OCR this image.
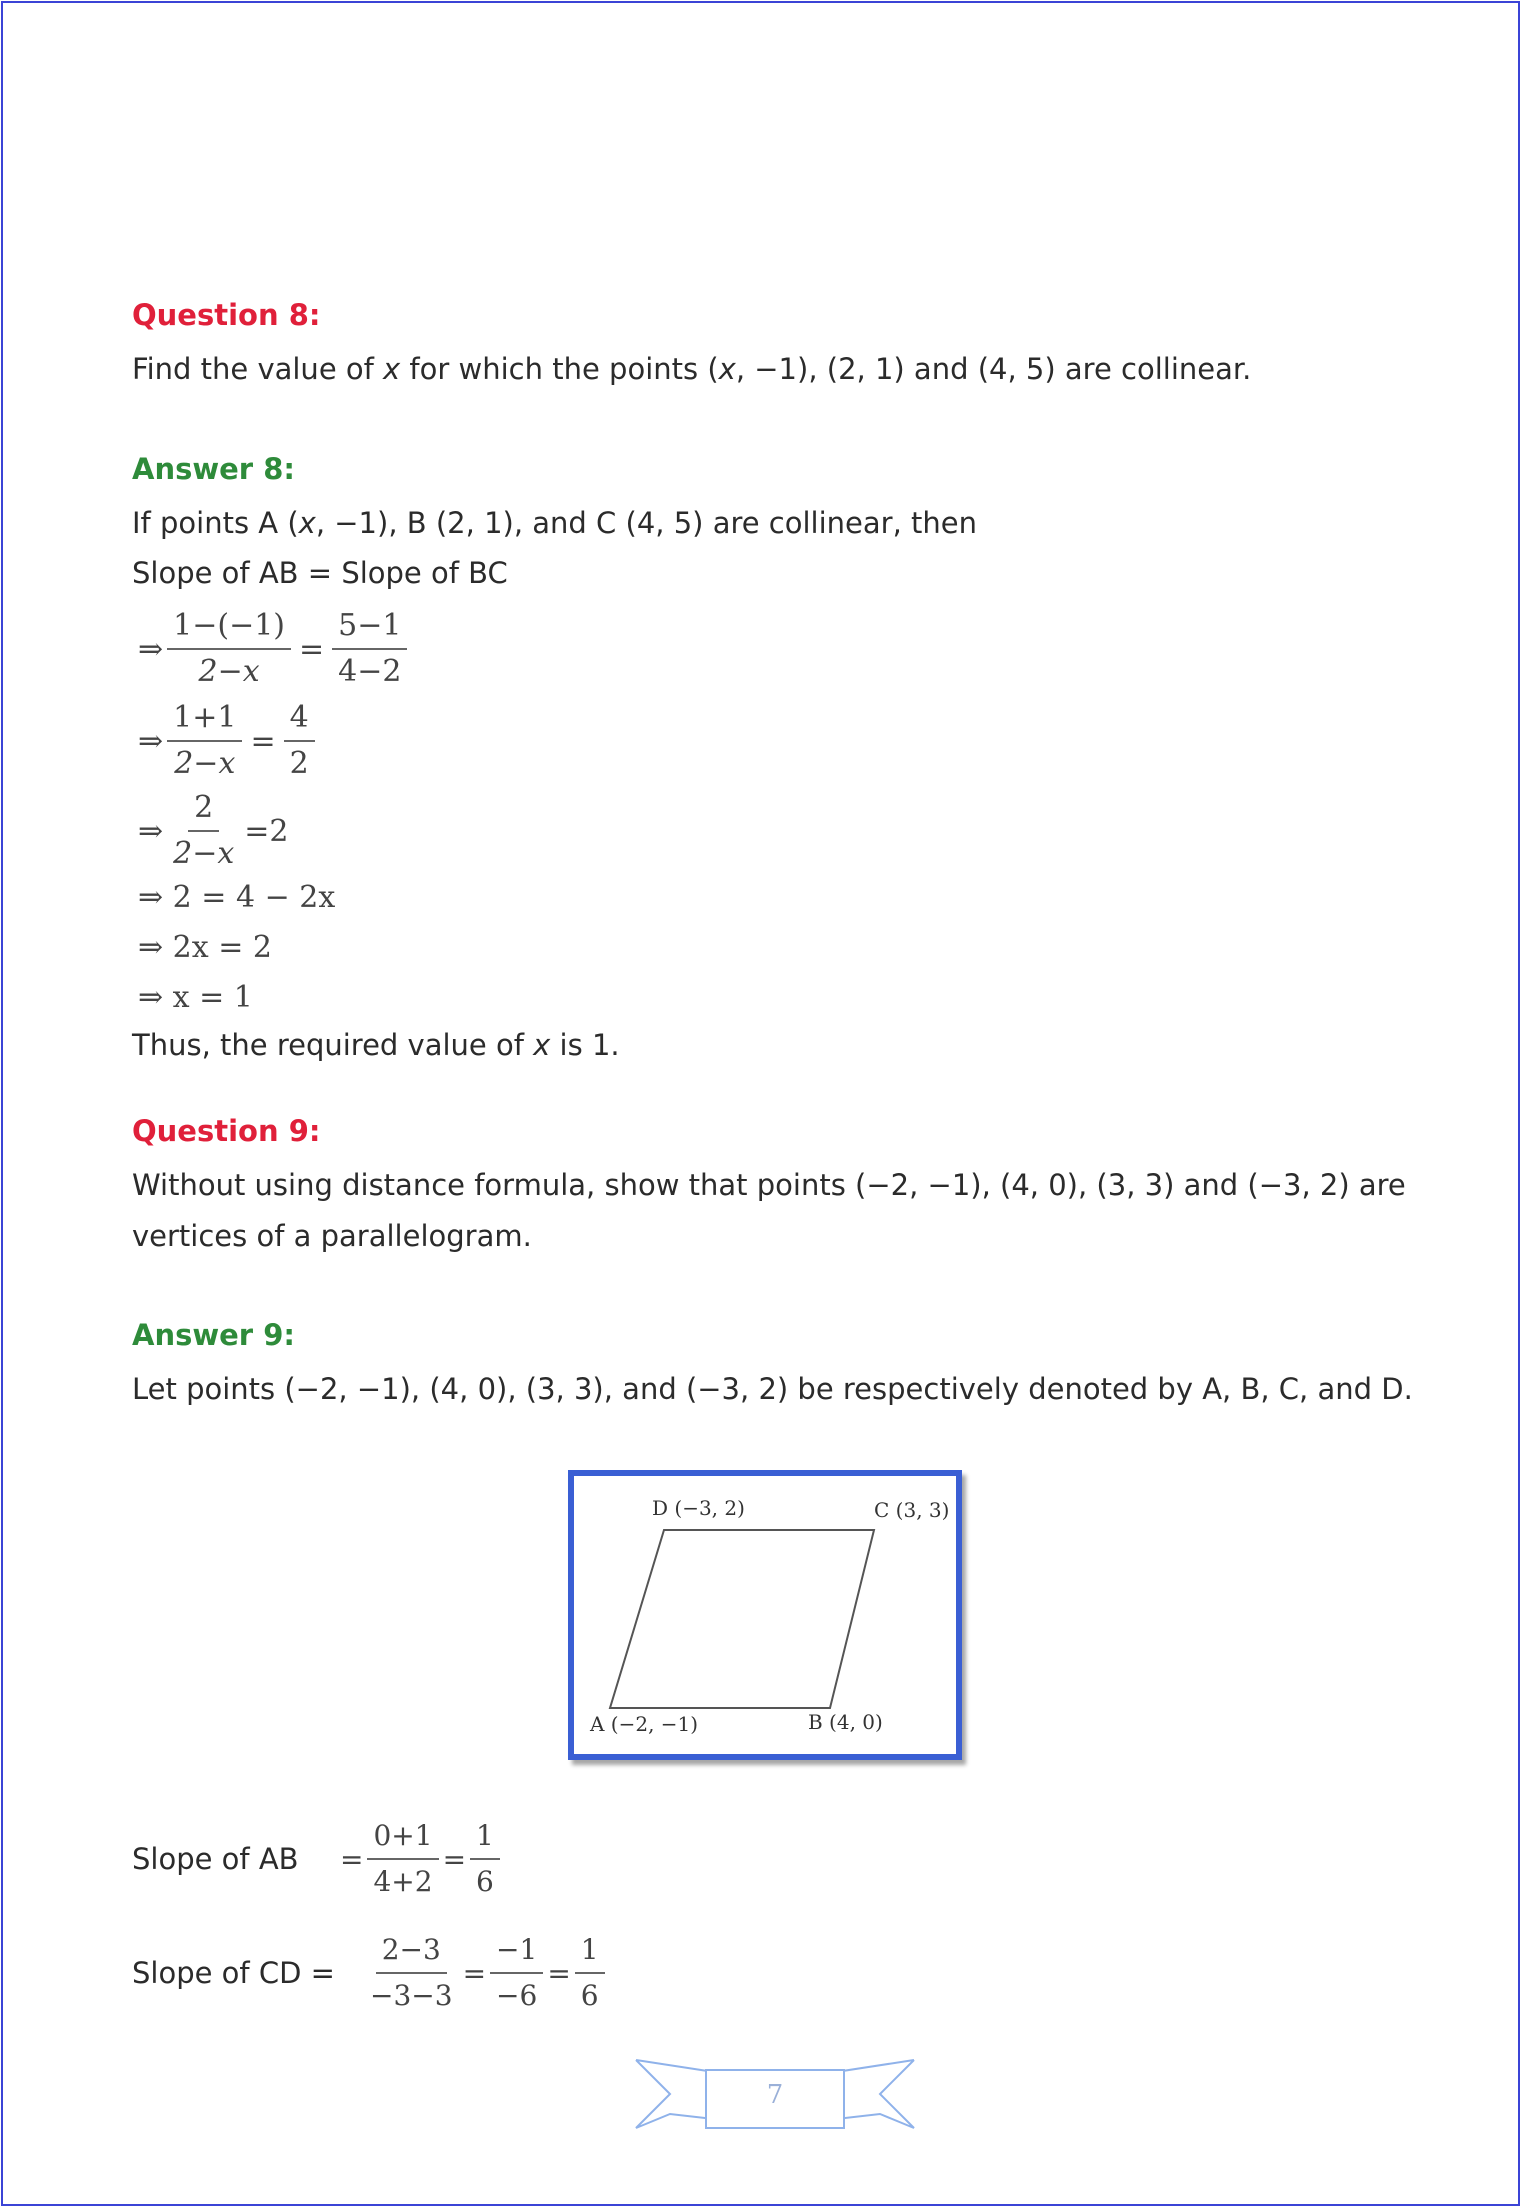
Question 8:
Find the value of x for which the points (x, −1), (2, 1) and (4, 5) are collinear.
Answer 8:
If points A (x, −1), B (2, 1), and C (4, 5) are collinear, then
Slope of AB = Slope of BC
⇒ $\frac{1-(-1)}{2-x} = \frac{5-1}{4-2}$
⇒ $\frac{1+1}{2-x} = \frac{4}{2}$
⇒ $\frac{2}{2-x} =2$
⇒ 2 = 4 − 2x
⇒ 2x = 2
⇒ x = 1
Thus, the required value of x is 1.
Question 9:
Without using distance formula, show that points (−2, −1), (4, 0), (3, 3) and (−3, 2) are
vertices of a parallelogram.
Answer 9:
Let points (−2, −1), (4, 0), (3, 3), and (−3, 2) be respectively denoted by A, B, C, and D.
D (−3, 2)	C (3, 3)
A (−2, −1)	B (4, 0)
Slope of AB	= $\frac{0+1}{4+2} = \frac{1}{6}$
Slope of CD =	$\frac{2-3}{-3-3} = \frac{-1}{-6} = \frac{1}{6}$
7
